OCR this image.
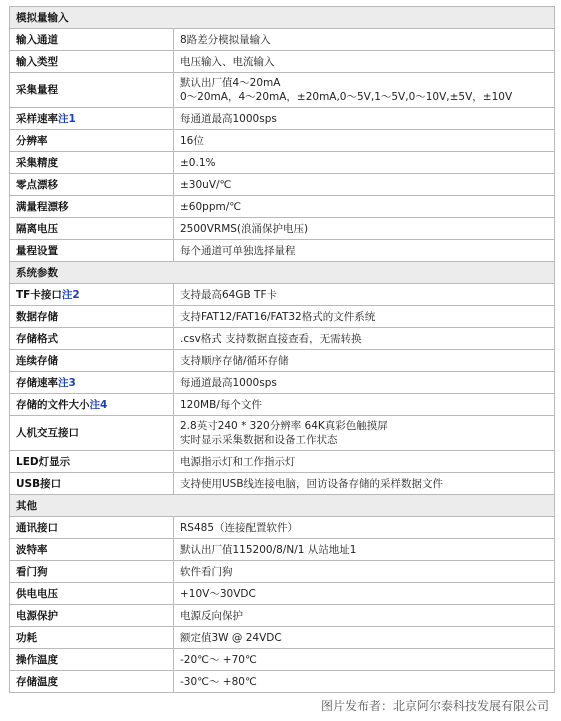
模拟量输入	
输入通道	8路差分模拟量输入

输入类型	电压输入、电流输入

采集量程	默认出厂值4～20mA
0～20mA，4～20mA，±20mA,0～5V,1～5V,0～10V,±5V，±10V

采样速率注1	每通道最高1000sps

分辨率	16位

采集精度	±0.1%

零点漂移	±30uV/℃

满量程漂移	±60ppm/℃

隔离电压	2500VRMS(浪涌保护电压)

量程设置	每个通道可单独选择量程

系统参数	
TF卡接口注2	支持最高64GB TF卡

数据存储	支持FAT12/FAT16/FAT32格式的文件系统

存储格式	.csv格式 支持数据直接查看，无需转换

连续存储	支持顺序存储/循环存储

存储速率注3	每通道最高1000sps

存储的文件大小注4	120MB/每个文件

人机交互接口	2.8英寸240 * 320分辨率 64K真彩色触摸屏
实时显示采集数据和设备工作状态

LED灯显示	电源指示灯和工作指示灯

USB接口	支持使用USB线连接电脑，回访设备存储的采样数据文件

其他	
通讯接口	RS485（连接配置软件）

波特率	默认出厂值115200/8/N/1 从站地址1

看门狗	软件看门狗

供电电压	+10V～30VDC

电源保护	电源反向保护

功耗	额定值3W @ 24VDC

操作温度	-20℃～ +70℃

存储温度	-30℃～ +80℃
图片发布者：北京阿尔泰科技发展有限公司
